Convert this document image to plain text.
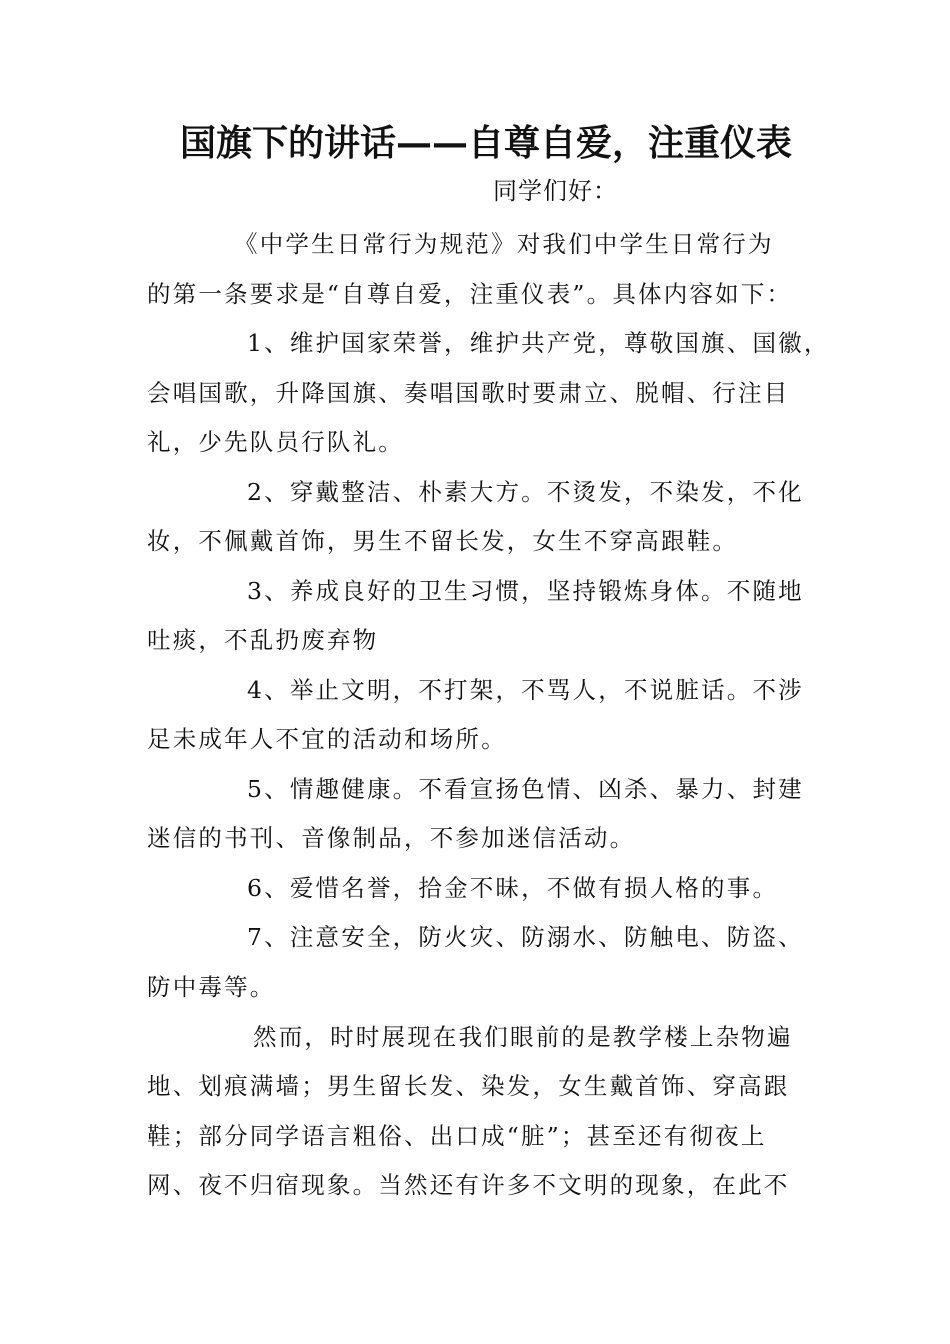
国旗下的讲话——自尊自爱，注重仪表
同学们好：
《中学生日常行为规范》对我们中学生日常行为
的第一条要求是“自尊自爱，注重仪表”。具体内容如下：
1、维护国家荣誉，维护共产党，尊敬国旗、国徽，
会唱国歌，升降国旗、奏唱国歌时要肃立、脱帽、行注目
礼，少先队员行队礼。
2、穿戴整洁、朴素大方。不烫发，不染发，不化
妆，不佩戴首饰，男生不留长发，女生不穿高跟鞋。
3、养成良好的卫生习惯，坚持锻炼身体。不随地
吐痰，不乱扔废弃物
4、举止文明，不打架，不骂人，不说脏话。不涉
足未成年人不宜的活动和场所。
5、情趣健康。不看宣扬色情、凶杀、暴力、封建
迷信的书刊、音像制品，不参加迷信活动。
6、爱惜名誉，拾金不昧，不做有损人格的事。
7、注意安全，防火灾、防溺水、防触电、防盗、
防中毒等。
然而，时时展现在我们眼前的是教学楼上杂物遍
地、划痕满墙；男生留长发、染发，女生戴首饰、穿高跟
鞋；部分同学语言粗俗、出口成“脏”；甚至还有彻夜上
网、夜不归宿现象。当然还有许多不文明的现象，在此不
